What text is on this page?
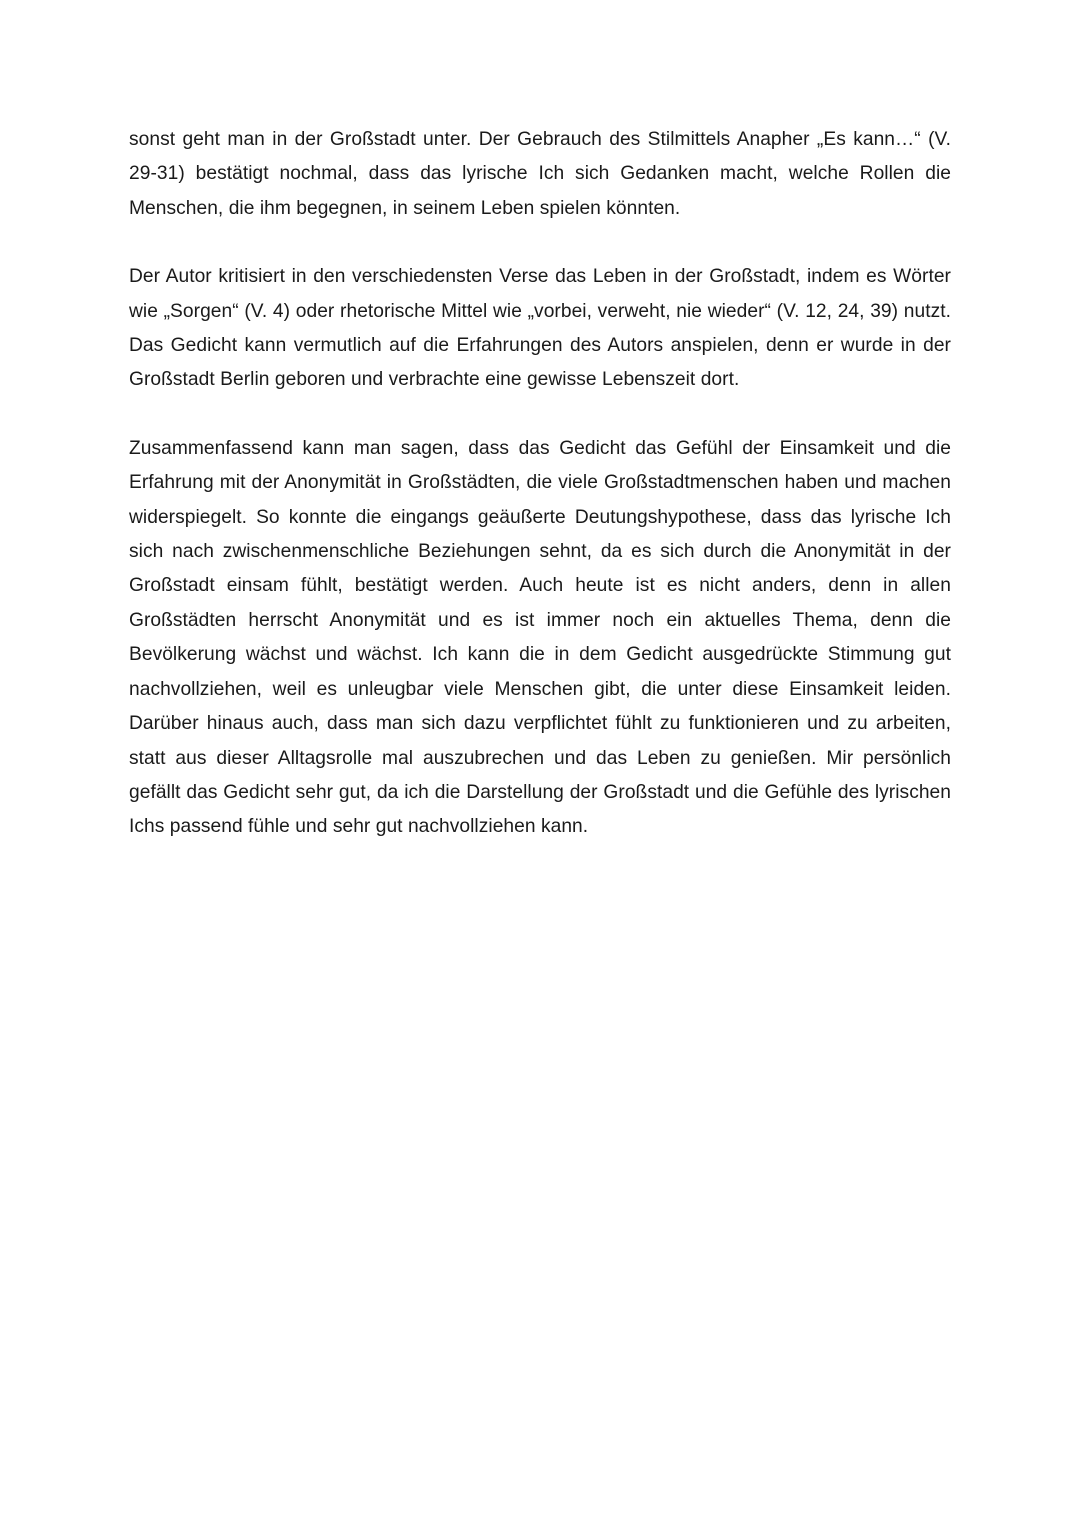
sonst geht man in der Großstadt unter. Der Gebrauch des Stilmittels Anapher „Es kann…“ (V. 29-31) bestätigt nochmal, dass das lyrische Ich sich Gedanken macht, welche Rollen die Menschen, die ihm begegnen, in seinem Leben spielen könnten.

Der Autor kritisiert in den verschiedensten Verse das Leben in der Großstadt, indem es Wörter wie „Sorgen“ (V. 4) oder rhetorische Mittel wie „vorbei, verweht, nie wieder“ (V. 12, 24, 39) nutzt. Das Gedicht kann vermutlich auf die Erfahrungen des Autors anspielen, denn er wurde in der Großstadt Berlin geboren und verbrachte eine gewisse Lebenszeit dort.

Zusammenfassend kann man sagen, dass das Gedicht das Gefühl der Einsamkeit und die Erfahrung mit der Anonymität in Großstädten, die viele Großstadtmenschen haben und machen widerspiegelt. So konnte die eingangs geäußerte Deutungshypothese, dass das lyrische Ich sich nach zwischenmenschliche Beziehungen sehnt, da es sich durch die Anonymität in der Großstadt einsam fühlt, bestätigt werden. Auch heute ist es nicht anders, denn in allen Großstädten herrscht Anonymität und es ist immer noch ein aktuelles Thema, denn die Bevölkerung wächst und wächst. Ich kann die in dem Gedicht ausgedrückte Stimmung gut nachvollziehen, weil es unleugbar viele Menschen gibt, die unter diese Einsamkeit leiden. Darüber hinaus auch, dass man sich dazu verpflichtet fühlt zu funktionieren und zu arbeiten, statt aus dieser Alltagsrolle mal auszubrechen und das Leben zu genießen. Mir persönlich gefällt das Gedicht sehr gut, da ich die Darstellung der Großstadt und die Gefühle des lyrischen Ichs passend fühle und sehr gut nachvollziehen kann.
